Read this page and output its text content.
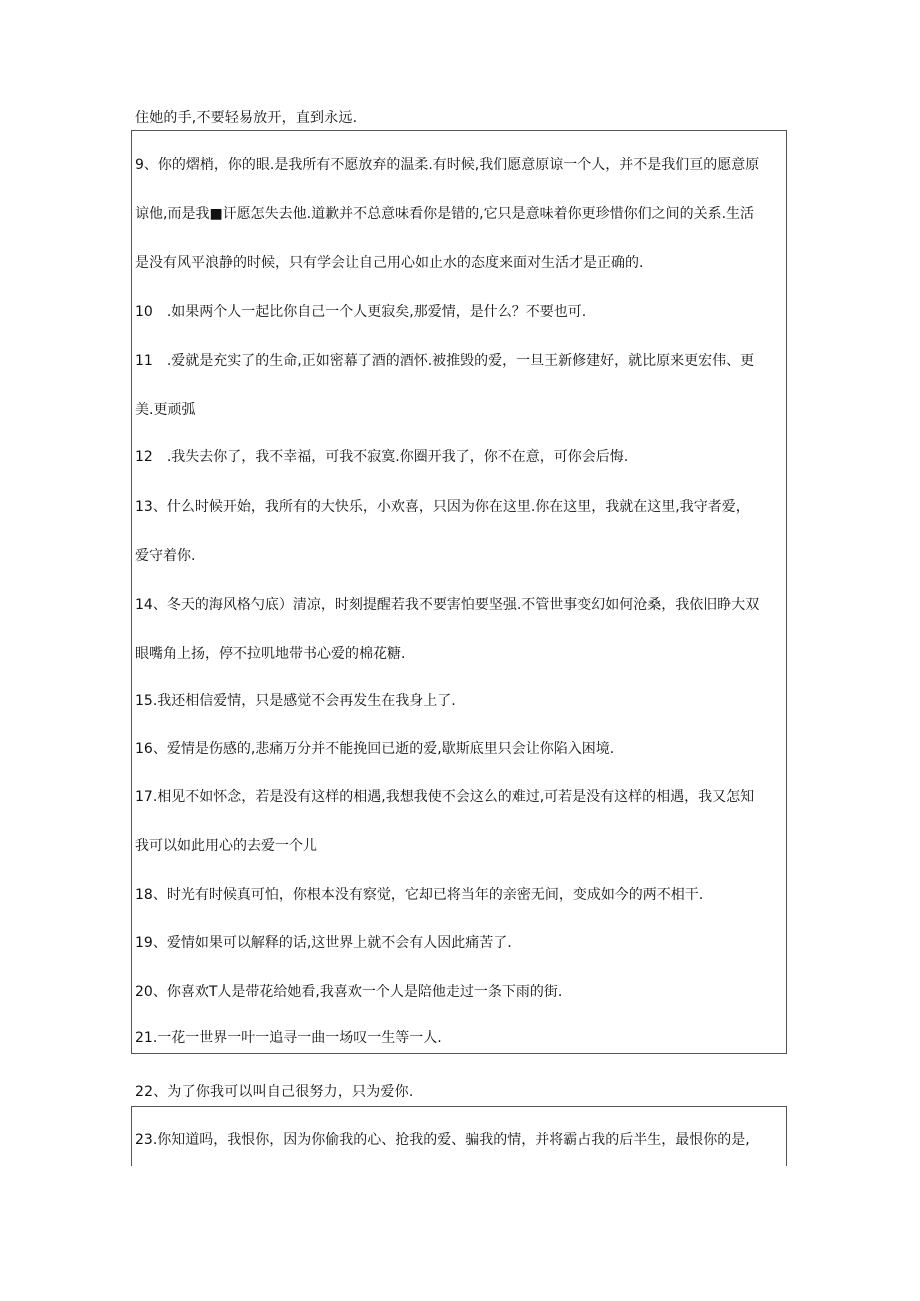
住她的手,不要轻易放开，直到永远.
9、你的熠梢，你的眼.是我所有不愿放弃的温柔.有时候,我们愿意原谅一个人，并不是我们亘的愿意原
谅他,而是我■讦愿怎失去他.道歉并不总意味看你是错的,它只是意味着你更珍惜你们之间的关系.生活
是没有风平浪静的时候，只有学会让自己用心如止水的态度来面对生活才是正确的.
10　.如果两个人一起比你自己一个人更寂矣,那爱情，是什么？不要也可.
11　.爱就是充实了的生命,正如密幕了酒的酒怀.被推毁的爱，一旦王新修建好，就比原来更宏伟、更
美.更顽弧
12　.我失去你了，我不幸福，可我不寂寞.你圈开我了，你不在意，可你会后悔.
13、什么时候开始，我所有的大快乐，小欢喜，只因为你在这里.你在这里，我就在这里,我守者爱，
爱守着你.
14、冬天的海风格勺底）清凉，时刻提醒若我不要害怕要坚强.不管世事变幻如何沧桑，我依旧睁大双
眼嘴角上扬，停不拉叽地带书心爱的棉花糖.
15.我还相信爱情，只是感觉不会再发生在我身上了.
16、爱情是伤感的,悲痛万分并不能挽回已逝的爱,歇斯底里只会让你陷入困境.
17.相见不如怀念，若是没有这样的相遇,我想我使不会这么的难过,可若是没有这样的相遇，我又怎知
我可以如此用心的去爱一个儿
18、时光有时候真可怕，你根本没有察觉，它却已将当年的亲密无间，变成如今的两不相干.
19、爱情如果可以解释的话,这世界上就不会有人因此痛苦了.
20、你喜欢T人是带花给她看,我喜欢一个人是陪他走过一条下雨的街.
21.一花一世界一叶一追寻一曲一场叹一生等一人.
22、为了你我可以叫自己很努力，只为爱你.
23.你知道吗，我恨你，因为你偷我的心、抢我的爱、骗我的情，并将霸占我的后半生，最恨你的是,
